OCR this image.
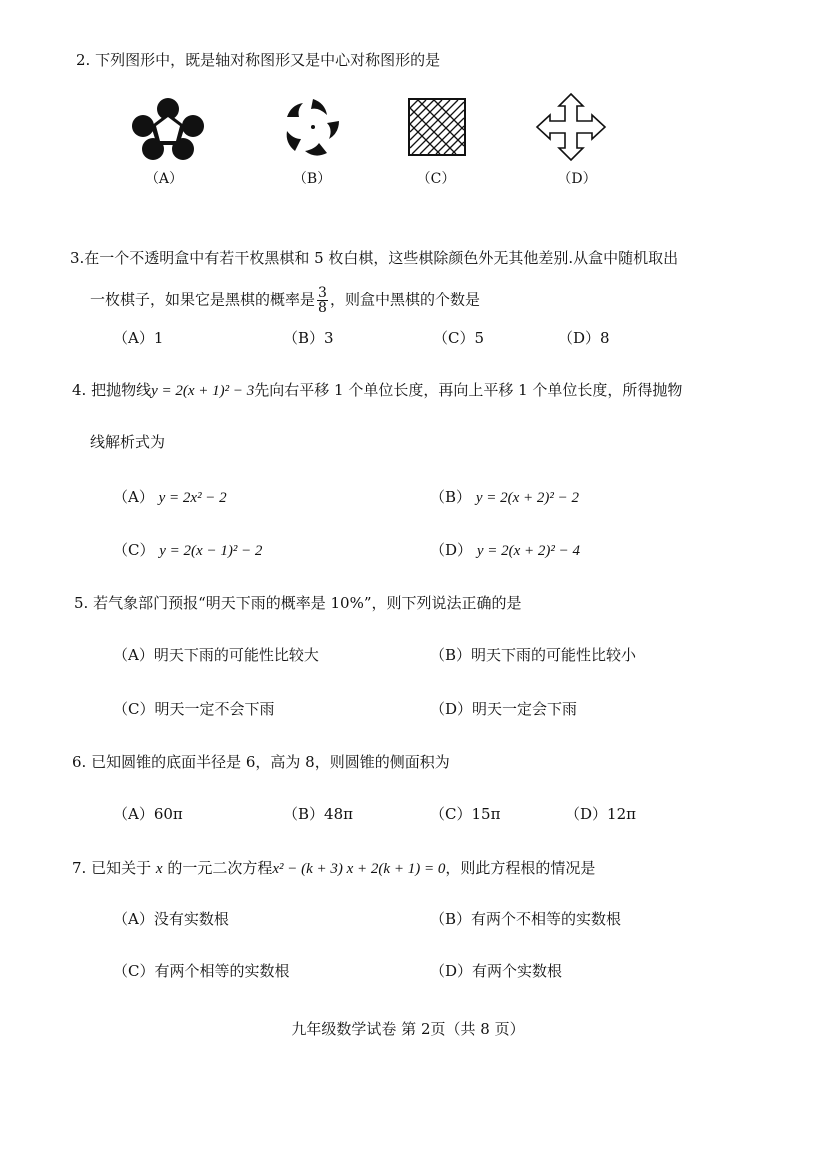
2. 下列图形中，既是轴对称图形又是中心对称图形的是
（A）	（B）	（C）	（D）
3.在一个不透明盒中有若干枚黑棋和 5 枚白棋，这些棋除颜色外无其他差别.从盒中随机取出
一枚棋子，如果它是黑棋的概率是 $\frac{3}{8}$ ，则盒中黑棋的个数是
（A）1	（B）3	（C）5	（D）8
4. 把抛物线y = 2(x + 1)² − 3先向右平移 1 个单位长度，再向上平移 1 个单位长度，所得抛物
线解析式为
（A） y = 2x² − 2	（B） y = 2(x + 2)² − 2
（C） y = 2(x − 1)² − 2	（D） y = 2(x + 2)² − 4
5. 若气象部门预报“明天下雨的概率是 10%”，则下列说法正确的是
（A）明天下雨的可能性比较大	（B）明天下雨的可能性比较小
（C）明天一定不会下雨	（D）明天一定会下雨
6. 已知圆锥的底面半径是 6，高为 8，则圆锥的侧面积为
（A）60π	（B）48π	（C）15π	（D）12π
7. 已知关于 x 的一元二次方程x² − (k + 3) x + 2(k + 1) = 0，则此方程根的情况是
（A）没有实数根	（B）有两个不相等的实数根
（C）有两个相等的实数根	（D）有两个实数根
九年级数学试卷 第 2页（共 8 页）
